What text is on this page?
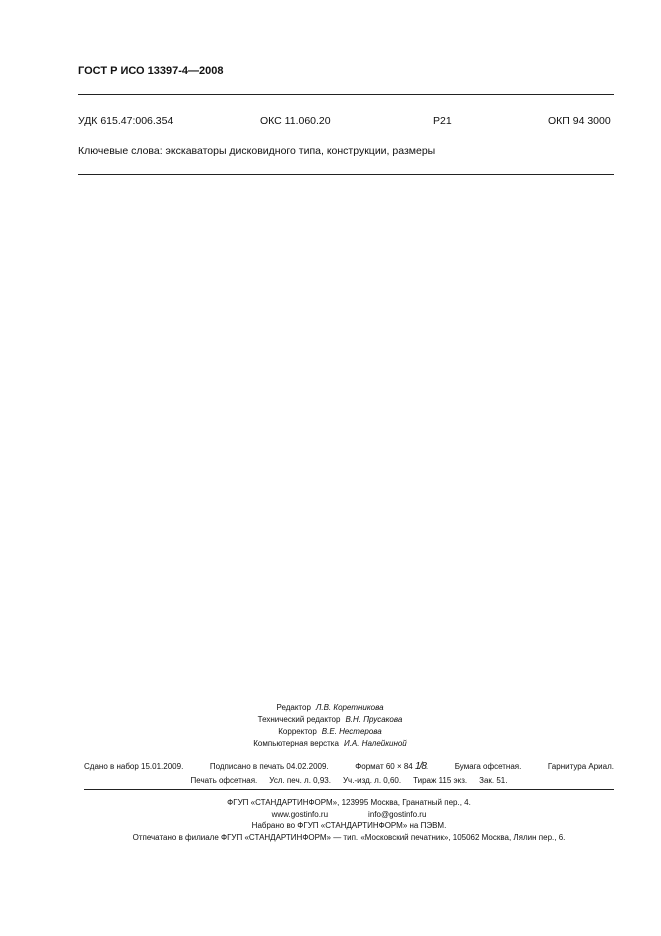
ГОСТ Р ИСО 13397-4—2008
УДК 615.47:006.354	ОКС 11.060.20	Р21	ОКП 94 3000
Ключевые слова: экскаваторы дисковидного типа, конструкции, размеры
Редактор Л.В. Коретникова
Технический редактор В.Н. Прусакова
Корректор В.Е. Нестерова
Компьютерная верстка И.А. Налейкиной
Сдано в набор 15.01.2009.	Подписано в печать 04.02.2009.	Формат 60 × 84 1/8.	Бумага офсетная.	Гарнитура Ариал.
Печать офсетная. Усл. печ. л. 0,93. Уч.-изд. л. 0,60. Тираж 115 экз. Зак. 51.
ФГУП «СТАНДАРТИНФОРМ», 123995 Москва, Гранатный пер., 4.
www.gostinfo.ru	info@gostinfo.ru
Набрано во ФГУП «СТАНДАРТИНФОРМ» на ПЭВМ.
Отпечатано в филиале ФГУП «СТАНДАРТИНФОРМ» — тип. «Московский печатник», 105062 Москва, Лялин пер., 6.
